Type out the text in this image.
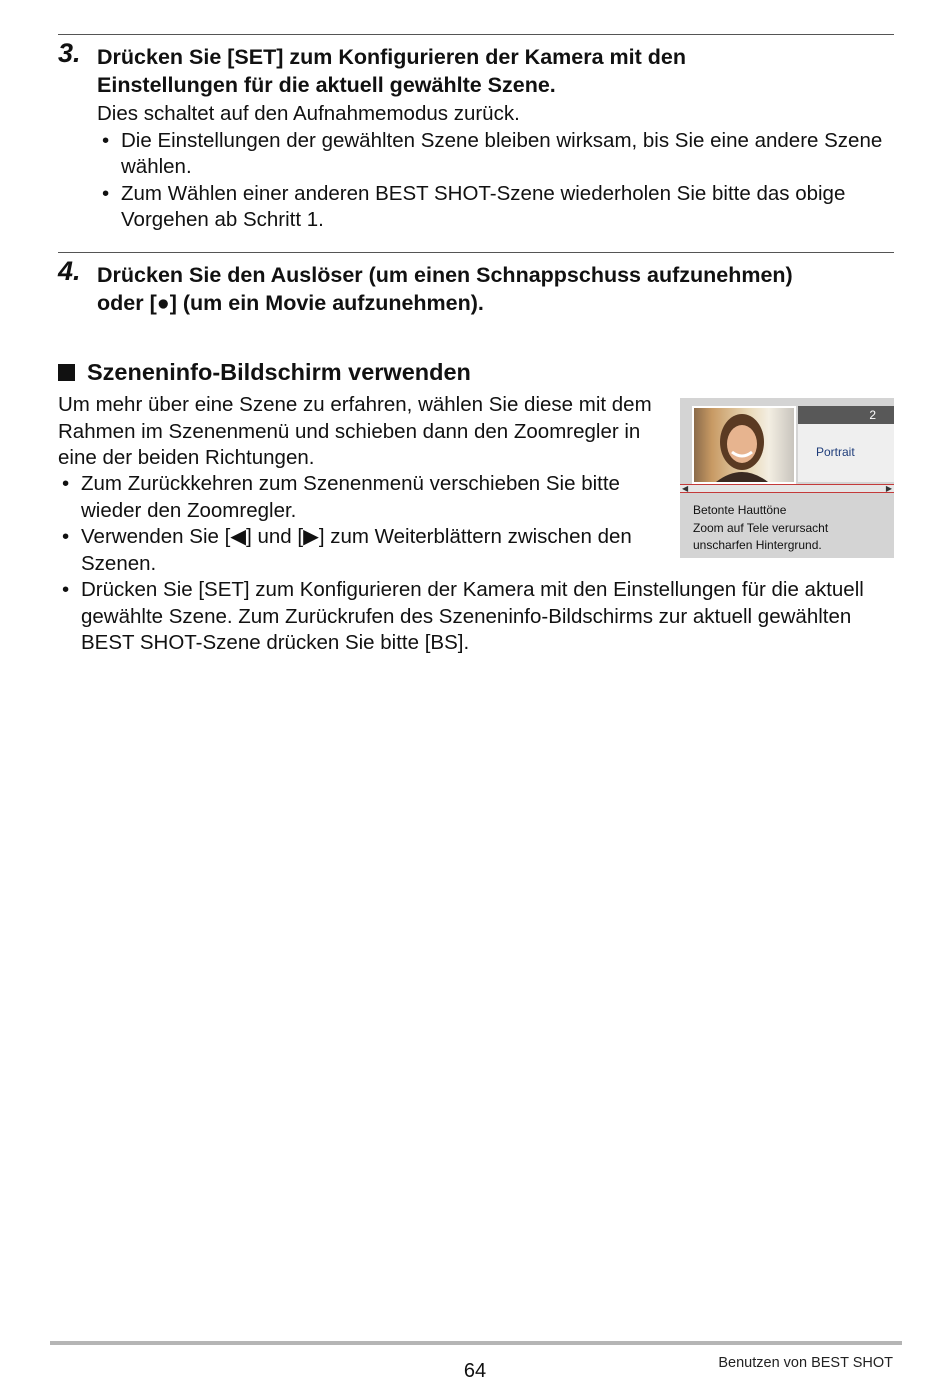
3. Drücken Sie [SET] zum Konfigurieren der Kamera mit den
Einstellungen für die aktuell gewählte Szene.
Dies schaltet auf den Aufnahmemodus zurück.
• Die Einstellungen der gewählten Szene bleiben wirksam, bis Sie eine andere Szene wählen.
• Zum Wählen einer anderen BEST SHOT-Szene wiederholen Sie bitte das obige Vorgehen ab Schritt 1.
4. Drücken Sie den Auslöser (um einen Schnappschuss aufzunehmen)
oder [●] (um ein Movie aufzunehmen).
Szeneninfo-Bildschirm verwenden
Um mehr über eine Szene zu erfahren, wählen Sie diese mit dem Rahmen im Szenenmenü und schieben dann den Zoomregler in eine der beiden Richtungen.
• Zum Zurückkehren zum Szenenmenü verschieben Sie bitte wieder den Zoomregler.
• Verwenden Sie [◀] und [▶] zum Weiterblättern zwischen den Szenen.
• Drücken Sie [SET] zum Konfigurieren der Kamera mit den Einstellungen für die aktuell gewählte Szene. Zum Zurückrufen des Szeneninfo-Bildschirms zur aktuell gewählten BEST SHOT-Szene drücken Sie bitte [BS].
2
Portrait
◀	▶
Betonte Hauttöne
Zoom auf Tele verursacht
unscharfen Hintergrund.
64	Benutzen von BEST SHOT
